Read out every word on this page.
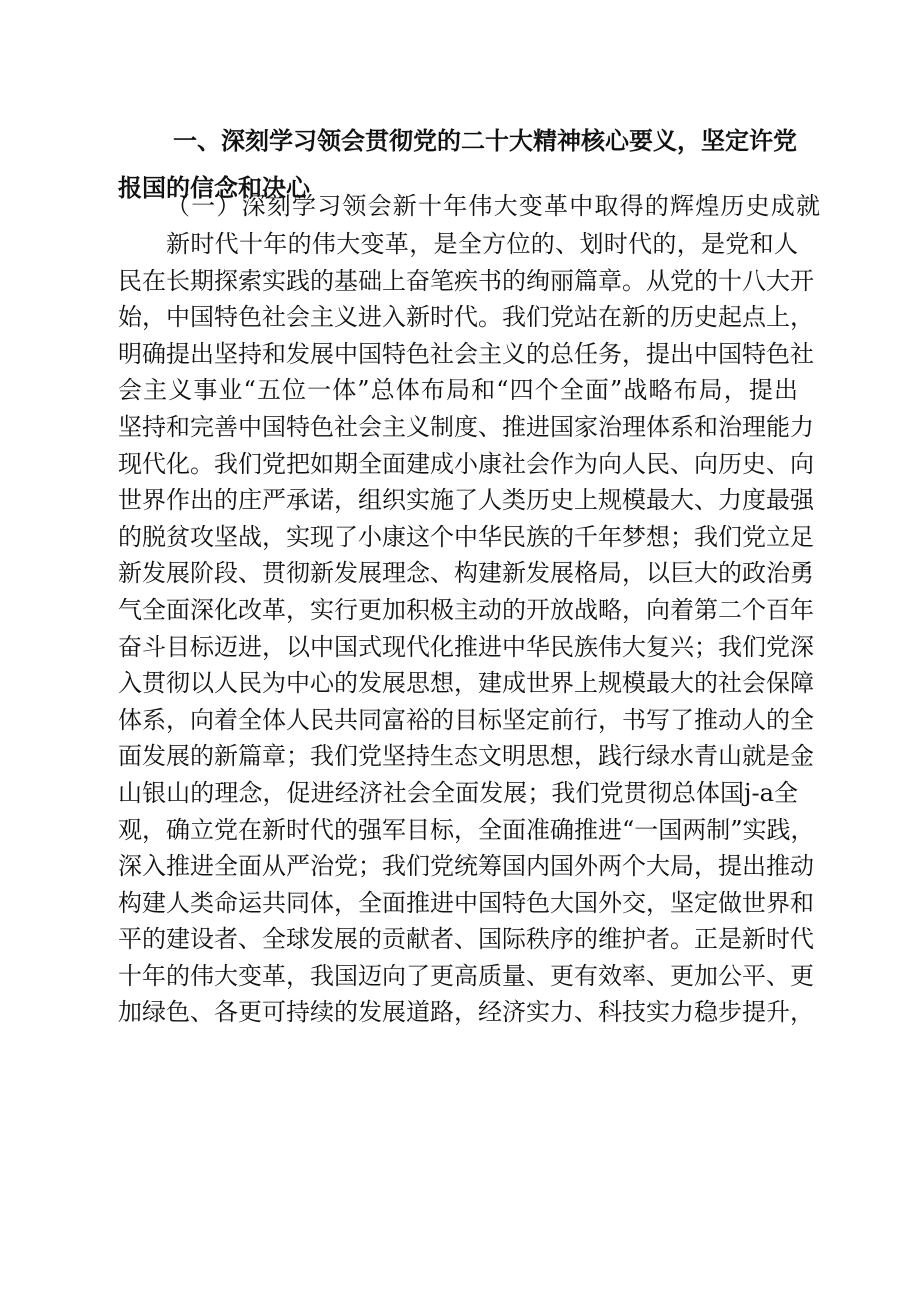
一、深刻学习领会贯彻党的二十大精神核心要义，坚定许党
报国的信念和决心
（一）深刻学习领会新十年伟大变革中取得的辉煌历史成就
新时代十年的伟大变革，是全方位的、划时代的，是党和人
民在长期探索实践的基础上奋笔疾书的绚丽篇章。从党的十八大开
始，中国特色社会主义进入新时代。我们党站在新的历史起点上，
明确提出坚持和发展中国特色社会主义的总任务，提出中国特色社
会主义事业“五位一体”总体布局和“四个全面”战略布局，提出
坚持和完善中国特色社会主义制度、推进国家治理体系和治理能力
现代化。我们党把如期全面建成小康社会作为向人民、向历史、向
世界作出的庄严承诺，组织实施了人类历史上规模最大、力度最强
的脱贫攻坚战，实现了小康这个中华民族的千年梦想；我们党立足
新发展阶段、贯彻新发展理念、构建新发展格局，以巨大的政治勇
气全面深化改革，实行更加积极主动的开放战略，向着第二个百年
奋斗目标迈进，以中国式现代化推进中华民族伟大复兴；我们党深
入贯彻以人民为中心的发展思想，建成世界上规模最大的社会保障
体系，向着全体人民共同富裕的目标坚定前行，书写了推动人的全
面发展的新篇章；我们党坚持生态文明思想，践行绿水青山就是金
山银山的理念，促进经济社会全面发展；我们党贯彻总体国j-a全
观，确立党在新时代的强军目标，全面准确推进“一国两制”实践，
深入推进全面从严治党；我们党统筹国内国外两个大局，提出推动
构建人类命运共同体，全面推进中国特色大国外交，坚定做世界和
平的建设者、全球发展的贡献者、国际秩序的维护者。正是新时代
十年的伟大变革，我国迈向了更高质量、更有效率、更加公平、更
加绿色、各更可持续的发展道路，经济实力、科技实力稳步提升，
